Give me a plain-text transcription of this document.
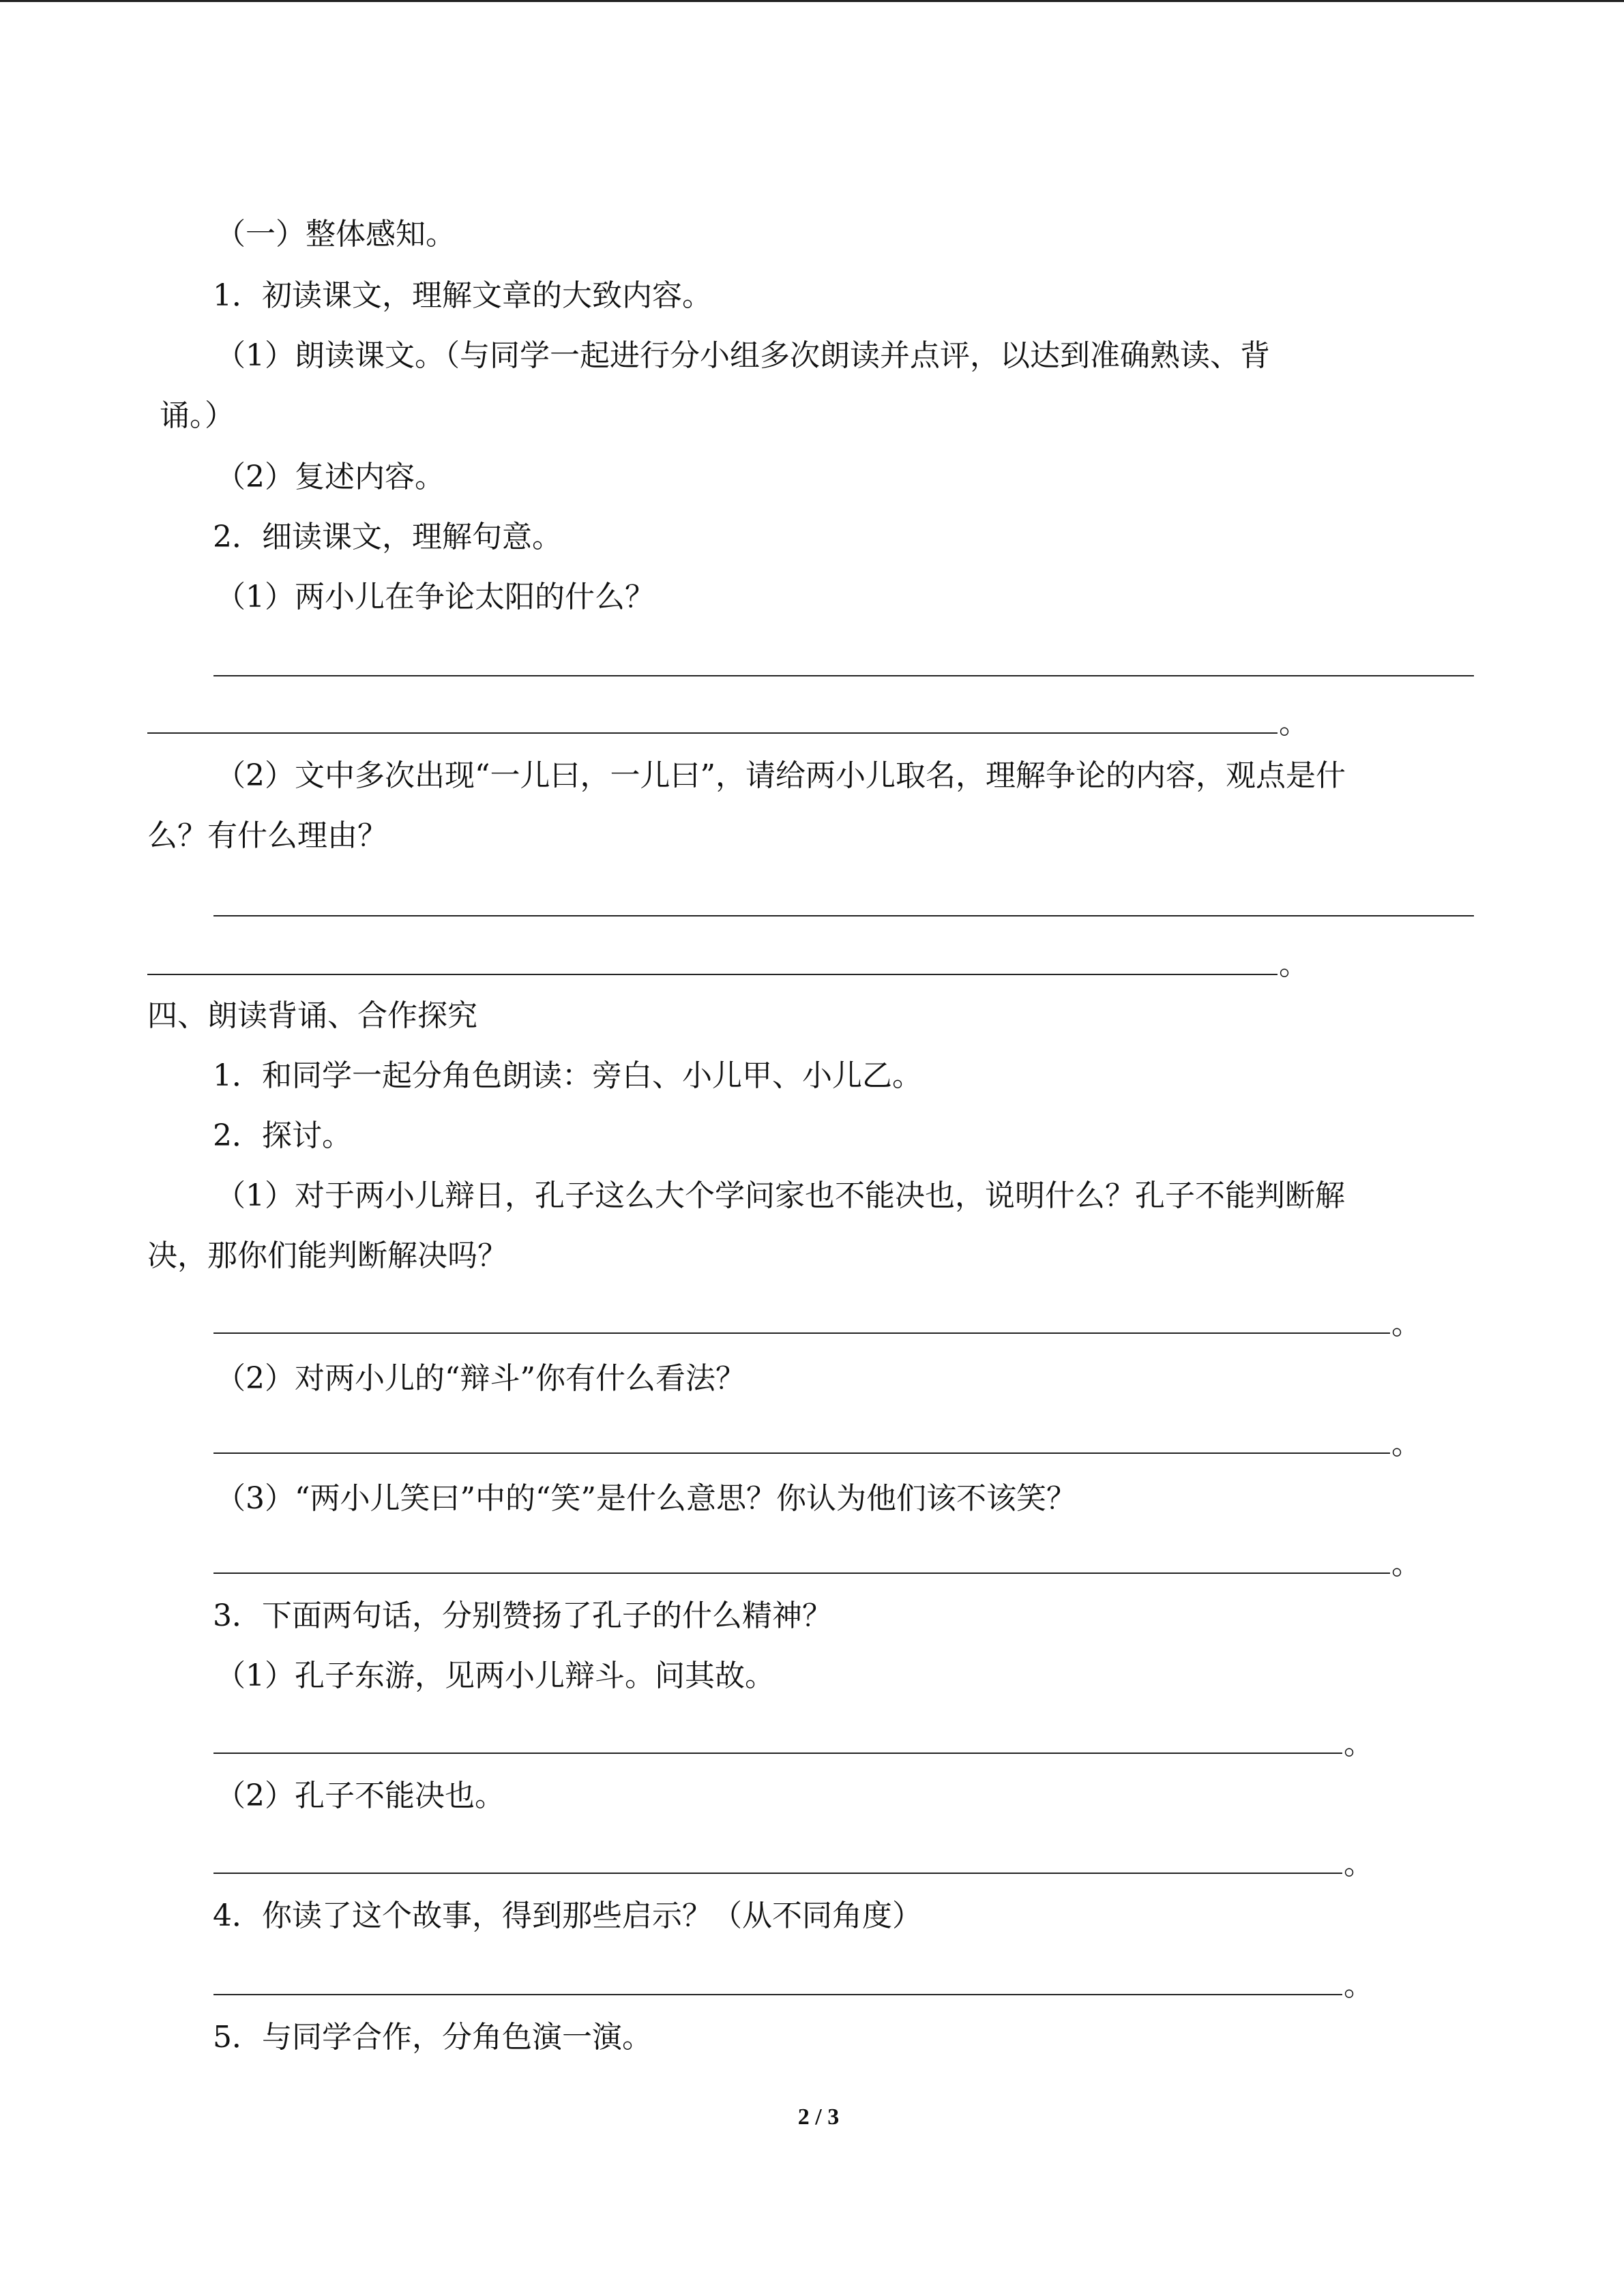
（一）整体感知。
1．初读课文，理解文章的大致内容。
（1）朗读课文。（与同学一起进行分小组多次朗读并点评，以达到准确熟读、背
诵。）
（2）复述内容。
2．细读课文，理解句意。
（1）两小儿在争论太阳的什么？
。
（2）文中多次出现“一儿曰，一儿曰”，请给两小儿取名，理解争论的内容，观点是什
么？有什么理由？
。
四、朗读背诵、合作探究
1．和同学一起分角色朗读：旁白、小儿甲、小儿乙。
2．探讨。
（1）对于两小儿辩日，孔子这么大个学问家也不能决也，说明什么？孔子不能判断解
决，那你们能判断解决吗？
。
（2）对两小儿的“辩斗”你有什么看法？
。
（3）“两小儿笑曰”中的“笑”是什么意思？你认为他们该不该笑？
。
3．下面两句话，分别赞扬了孔子的什么精神？
（1）孔子东游，见两小儿辩斗。问其故。
。
（2）孔子不能决也。
。
4．你读了这个故事，得到那些启示？（从不同角度）
。
5．与同学合作，分角色演一演。
2 / 3
